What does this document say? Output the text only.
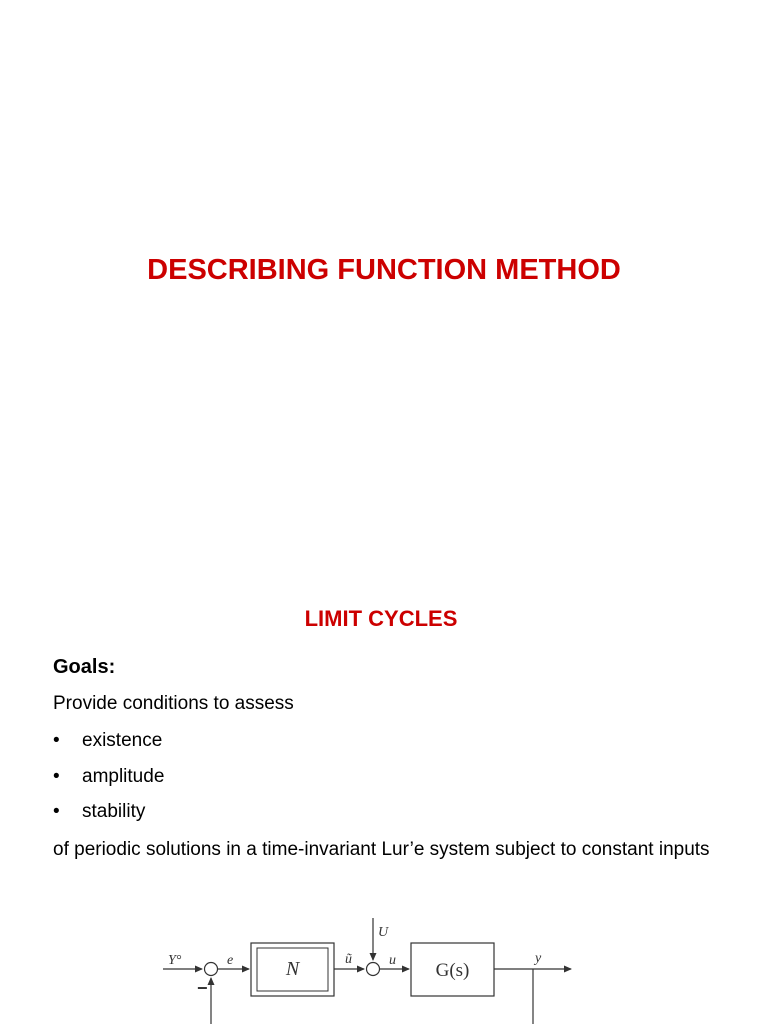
DESCRIBING FUNCTION METHOD
LIMIT CYCLES

Goals:

Provide conditions to assess

•	existence
•	amplitude
•	stability

of periodic solutions in a time-invariant Lur’e system subject to constant inputs

Y°
−
e	N	ũ
U
u G(s)
y
